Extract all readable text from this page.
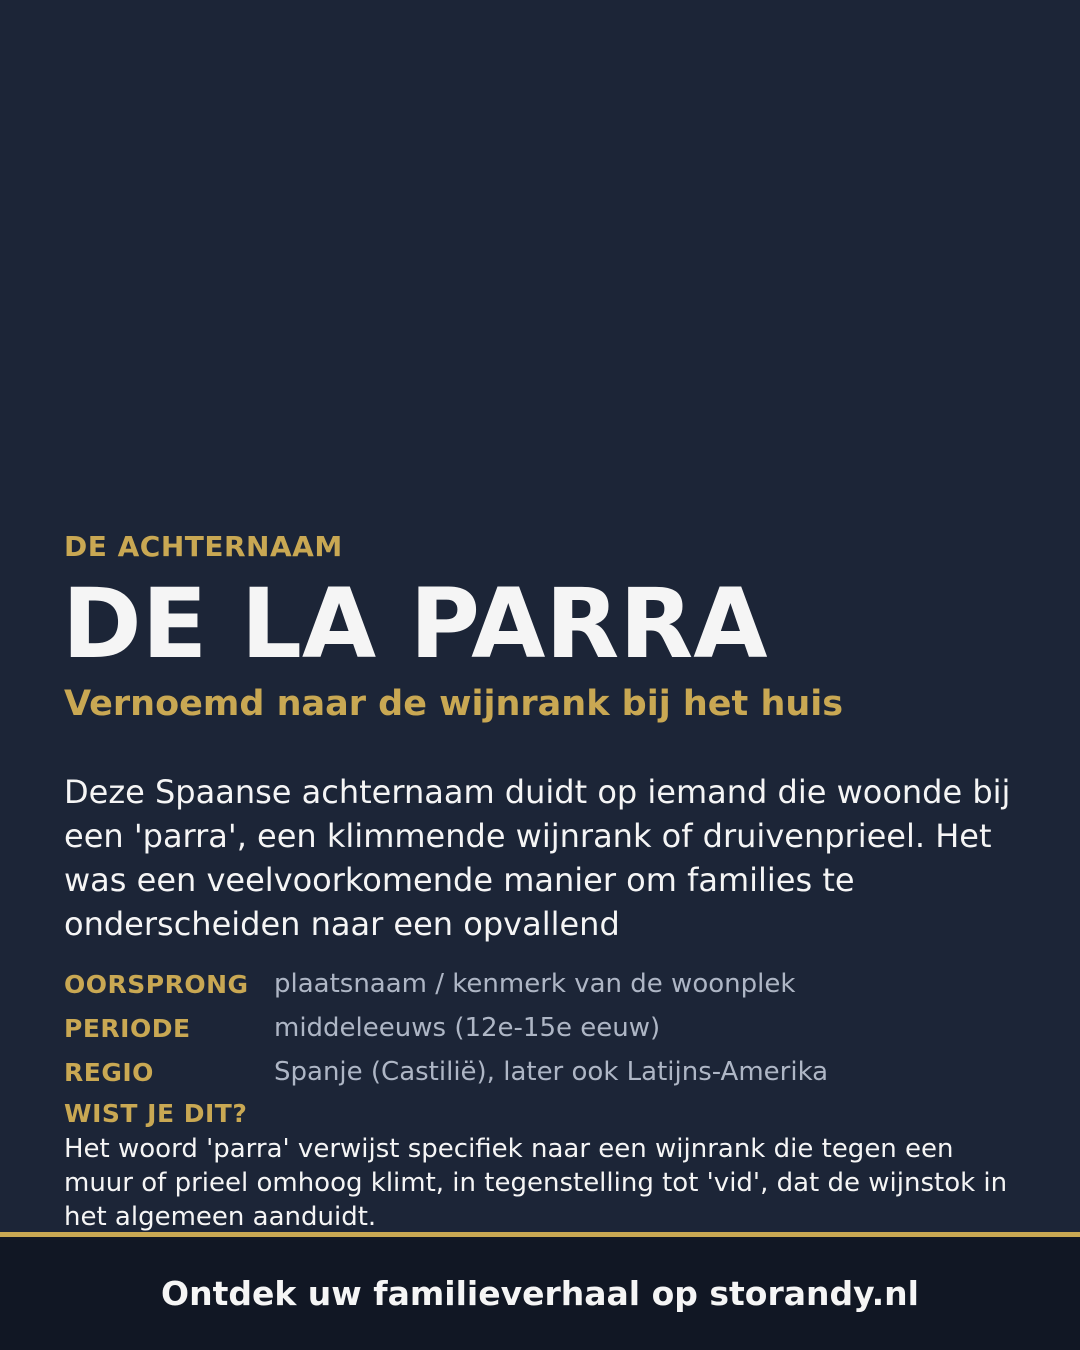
DE ACHTERNAAM
DE LA PARRA
Vernoemd naar de wijnrank bij het huis
Deze Spaanse achternaam duidt op iemand die woonde bij een 'parra', een klimmende wijnrank of druivenprieel. Het was een veelvoorkomende manier om families te onderscheiden naar een opvallend
OORSPRONG plaatsnaam / kenmerk van de woonplek
PERIODE	middeleeuws (12e-15e eeuw)
REGIO	Spanje (Castilië), later ook Latijns-Amerika
WIST JE DIT?
Het woord 'parra' verwijst specifiek naar een wijnrank die tegen een muur of prieel omhoog klimt, in tegenstelling tot 'vid', dat de wijnstok in het algemeen aanduidt.
Ontdek uw familieverhaal op storandy.nl
